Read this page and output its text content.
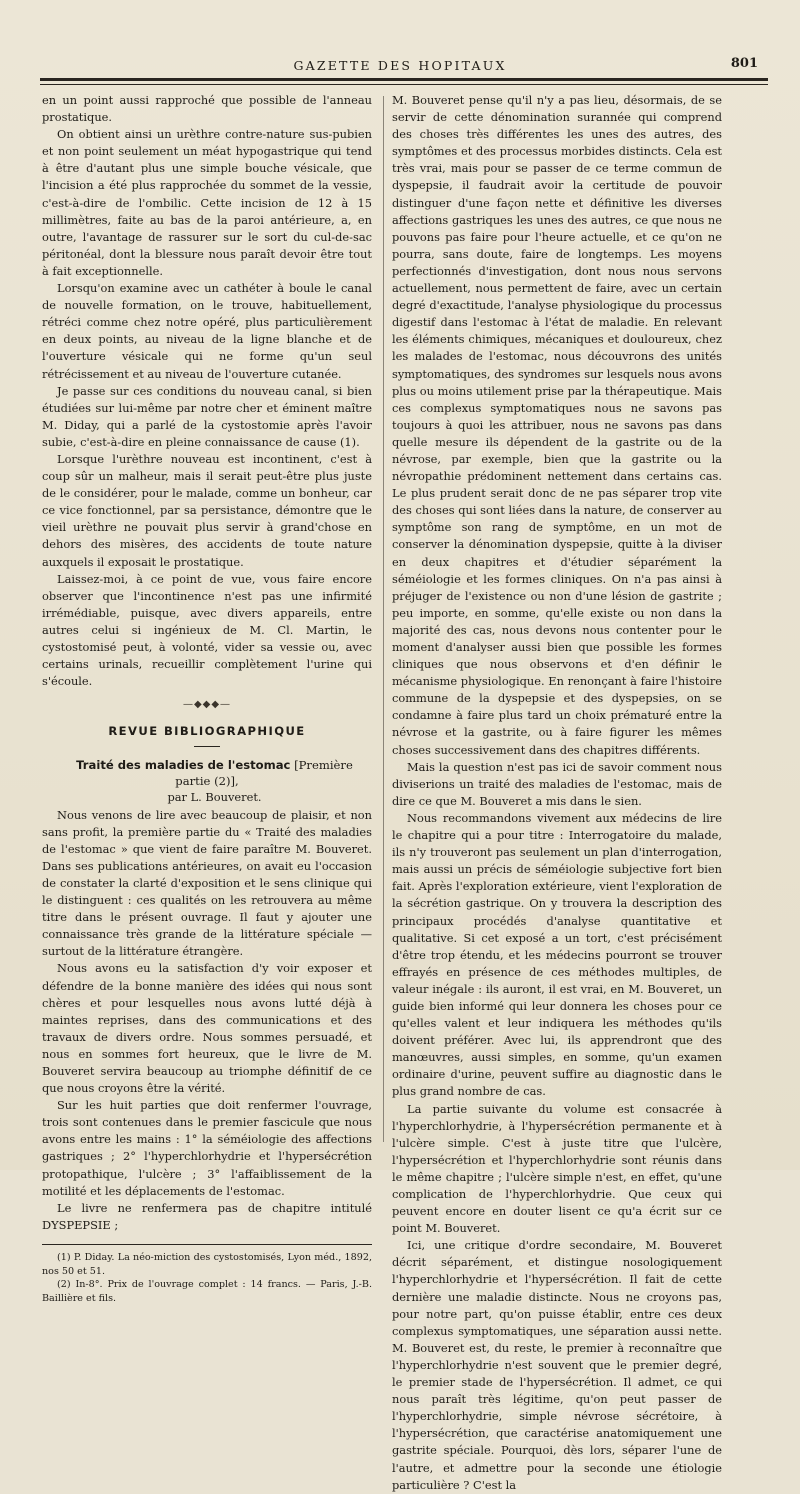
GAZETTE DES HOPITAUX	801

en un point aussi rapproché que possible de l'anneau prostatique.

On obtient ainsi un urèthre contre-nature sus-pubien et non point seulement un méat hypogastrique qui tend à être d'autant plus une simple bouche vésicale, que l'incision a été plus rapprochée du sommet de la vessie, c'est-à-dire de l'ombilic. Cette incision de 12 à 15 millimètres, faite au bas de la paroi antérieure, a, en outre, l'avantage de rassurer sur le sort du cul-de-sac péritonéal, dont la blessure nous paraît devoir être tout à fait exceptionnelle.

Lorsqu'on examine avec un cathéter à boule le canal de nouvelle formation, on le trouve, habituellement, rétréci comme chez notre opéré, plus particulièrement en deux points, au niveau de la ligne blanche et de l'ouverture vésicale qui ne forme qu'un seul rétrécissement et au niveau de l'ouverture cutanée.

Je passe sur ces conditions du nouveau canal, si bien étudiées sur lui-même par notre cher et éminent maître M. Diday, qui a parlé de la cystostomie après l'avoir subie, c'est-à-dire en pleine connaissance de cause (1).

Lorsque l'urèthre nouveau est incontinent, c'est à coup sûr un malheur, mais il serait peut-être plus juste de le considérer, pour le malade, comme un bonheur, car ce vice fonctionnel, par sa persistance, démontre que le vieil urèthre ne pouvait plus servir à grand'chose en dehors des misères, des accidents de toute nature auxquels il exposait le prostatique.

Laissez-moi, à ce point de vue, vous faire encore observer que l'incontinence n'est pas une infirmité irrémédiable, puisque, avec divers appareils, entre autres celui si ingénieux de M. Cl. Martin, le cystostomisé peut, à volonté, vider sa vessie ou, avec certains urinals, recueillir complètement l'urine qui s'écoule.

—◆◆◆—
REVUE BIBLIOGRAPHIQUE

Traité des maladies de l'estomac [Première partie (2)],

par L. Bouveret.

Nous venons de lire avec beaucoup de plaisir, et non sans profit, la première partie du « Traité des maladies de l'estomac » que vient de faire paraître M. Bouveret. Dans ses publications antérieures, on avait eu l'occasion de constater la clarté d'exposition et le sens clinique qui le distinguent : ces qualités on les retrouvera au même titre dans le présent ouvrage. Il faut y ajouter une connaissance très grande de la littérature spéciale — surtout de la littérature étrangère.

Nous avons eu la satisfaction d'y voir exposer et défendre de la bonne manière des idées qui nous sont chères et pour lesquelles nous avons lutté déjà à maintes reprises, dans des communications et des travaux de divers ordre. Nous sommes persuadé, et nous en sommes fort heureux, que le livre de M. Bouveret servira beaucoup au triomphe définitif de ce que nous croyons être la vérité.

Sur les huit parties que doit renfermer l'ouvrage, trois sont contenues dans le premier fascicule que nous avons entre les mains : 1° la séméiologie des affections gastriques ; 2° l'hyperchlorhydrie et l'hypersécrétion protopathique, l'ulcère ; 3° l'affaiblissement de la motilité et les déplacements de l'estomac.

Le livre ne renfermera pas de chapitre intitulé DYSPEPSIE ;

(1) P. Diday. La néo-miction des cystostomisés, Lyon méd., 1892, nos 50 et 51.

(2) In-8°. Prix de l'ouvrage complet : 14 francs. — Paris, J.-B. Baillière et fils.

M. Bouveret pense qu'il n'y a pas lieu, désormais, de se servir de cette dénomination surannée qui comprend des choses très différentes les unes des autres, des symptômes et des processus morbides distincts. Cela est très vrai, mais pour se passer de ce terme commun de dyspepsie, il faudrait avoir la certitude de pouvoir distinguer d'une façon nette et définitive les diverses affections gastriques les unes des autres, ce que nous ne pouvons pas faire pour l'heure actuelle, et ce qu'on ne pourra, sans doute, faire de longtemps. Les moyens perfectionnés d'investigation, dont nous nous servons actuellement, nous permettent de faire, avec un certain degré d'exactitude, l'analyse physiologique du processus digestif dans l'estomac à l'état de maladie. En relevant les éléments chimiques, mécaniques et douloureux, chez les malades de l'estomac, nous découvrons des unités symptomatiques, des syndromes sur lesquels nous avons plus ou moins utilement prise par la thérapeutique. Mais ces complexus symptomatiques nous ne savons pas toujours à quoi les attribuer, nous ne savons pas dans quelle mesure ils dépendent de la gastrite ou de la névrose, par exemple, bien que la gastrite ou la névropathie prédominent nettement dans certains cas. Le plus prudent serait donc de ne pas séparer trop vite des choses qui sont liées dans la nature, de conserver au symptôme son rang de symptôme, en un mot de conserver la dénomination dyspepsie, quitte à la diviser en deux chapitres et d'étudier séparément la séméiologie et les formes cliniques. On n'a pas ainsi à préjuger de l'existence ou non d'une lésion de gastrite ; peu importe, en somme, qu'elle existe ou non dans la majorité des cas, nous devons nous contenter pour le moment d'analyser aussi bien que possible les formes cliniques que nous observons et d'en définir le mécanisme physiologique. En renonçant à faire l'histoire commune de la dyspepsie et des dyspepsies, on se condamne à faire plus tard un choix prématuré entre la névrose et la gastrite, ou à faire figurer les mêmes choses successivement dans des chapitres différents.

Mais la question n'est pas ici de savoir comment nous diviserions un traité des maladies de l'estomac, mais de dire ce que M. Bouveret a mis dans le sien.

Nous recommandons vivement aux médecins de lire le chapitre qui a pour titre : Interrogatoire du malade, ils n'y trouveront pas seulement un plan d'interrogation, mais aussi un précis de séméiologie subjective fort bien fait. Après l'exploration extérieure, vient l'exploration de la sécrétion gastrique. On y trouvera la description des principaux procédés d'analyse quantitative et qualitative. Si cet exposé a un tort, c'est précisément d'être trop étendu, et les médecins pourront se trouver effrayés en présence de ces méthodes multiples, de valeur inégale : ils auront, il est vrai, en M. Bouveret, un guide bien informé qui leur donnera les choses pour ce qu'elles valent et leur indiquera les méthodes qu'ils doivent préférer. Avec lui, ils apprendront que des manœuvres, aussi simples, en somme, qu'un examen ordinaire d'urine, peuvent suffire au diagnostic dans le plus grand nombre de cas.

La partie suivante du volume est consacrée à l'hyperchlorhydrie, à l'hypersécrétion permanente et à l'ulcère simple. C'est à juste titre que l'ulcère, l'hypersécrétion et l'hyperchlorhydrie sont réunis dans le même chapitre ; l'ulcère simple n'est, en effet, qu'une complication de l'hyperchlorhydrie. Que ceux qui peuvent encore en douter lisent ce qu'a écrit sur ce point M. Bouveret.

Ici, une critique d'ordre secondaire, M. Bouveret décrit séparément, et distingue nosologiquement l'hyperchlorhydrie et l'hypersécrétion. Il fait de cette dernière une maladie distincte. Nous ne croyons pas, pour notre part, qu'on puisse établir, entre ces deux complexus symptomatiques, une séparation aussi nette. M. Bouveret est, du reste, le premier à reconnaître que l'hyperchlorhydrie n'est souvent que le premier degré, le premier stade de l'hypersécrétion. Il admet, ce qui nous paraît très légitime, qu'on peut passer de l'hyperchlorhydrie, simple névrose sécrétoire, à l'hypersécrétion, que caractérise anatomiquement une gastrite spéciale. Pourquoi, dès lors, séparer l'une de l'autre, et admettre pour la seconde une étiologie particulière ? C'est la
